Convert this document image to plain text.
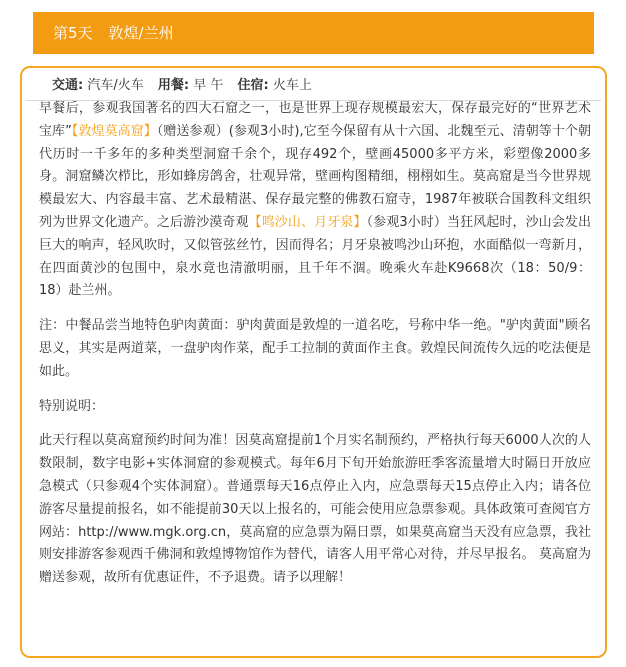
第5天 敦煌/兰州
交通: 汽车/火车 用餐: 早 午 住宿: 火车上

早餐后，参观我国著名的四大石窟之一，也是世界上现存规模最宏大，保存最完好的“世界艺术宝库”【敦煌莫高窟】（赠送参观）(参观3小时),它至今保留有从十六国、北魏至元、清朝等十个朝代历时一千多年的多种类型洞窟千余个，现存492个，壁画45000多平方米，彩塑像2000多身。洞窟鳞次栉比，形如蜂房鸽舍，壮观异常，壁画构图精细，栩栩如生。莫高窟是当今世界规模最宏大、内容最丰富、艺术最精湛、保存最完整的佛教石窟寺，1987年被联合国教科文组织列为世界文化遗产。之后游沙漠奇观【鸣沙山、月牙泉】（参观3小时）当狂风起时，沙山会发出巨大的响声，轻风吹时，又似管弦丝竹，因而得名；月牙泉被鸣沙山环抱，水面酷似一弯新月，在四面黄沙的包围中，泉水竟也清澈明丽，且千年不涸。晚乘火车赴K9668次（18：50/9：18）赴兰州。

注：中餐品尝当地特色驴肉黄面：驴肉黄面是敦煌的一道名吃，号称中华一绝。"驴肉黄面"顾名思义，其实是两道菜，一盘驴肉作菜，配手工拉制的黄面作主食。敦煌民间流传久远的吃法便是如此。

特别说明：

此天行程以莫高窟预约时间为准！因莫高窟提前1个月实名制预约，严格执行每天6000人次的人数限制，数字电影+实体洞窟的参观模式。每年6月下旬开始旅游旺季客流量增大时隔日开放应急模式（只参观4个实体洞窟）。普通票每天16点停止入内，应急票每天15点停止入内；请各位游客尽量提前报名，如不能提前30天以上报名的，可能会使用应急票参观。具体政策可查阅官方网站：http://www.mgk.org.cn，莫高窟的应急票为隔日票，如果莫高窟当天没有应急票，我社则安排游客参观西千佛洞和敦煌博物馆作为替代，请客人用平常心对待，并尽早报名。 莫高窟为赠送参观，故所有优惠证件，不予退费。请予以理解！
